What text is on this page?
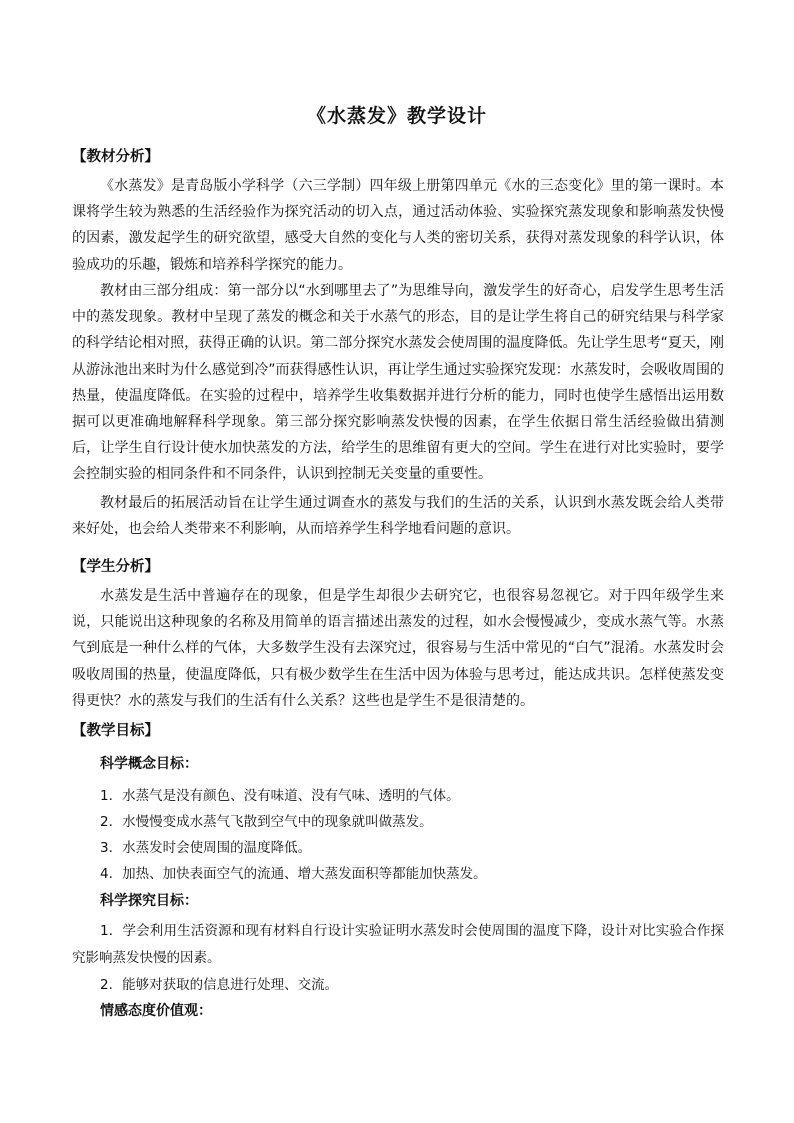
《水蒸发》教学设计
【教材分析】

《水蒸发》是青岛版小学科学（六三学制）四年级上册第四单元《水的三态变化》里的第一课时。本课将学生较为熟悉的生活经验作为探究活动的切入点，通过活动体验、实验探究蒸发现象和影响蒸发快慢的因素，激发起学生的研究欲望，感受大自然的变化与人类的密切关系，获得对蒸发现象的科学认识，体验成功的乐趣，锻炼和培养科学探究的能力。

教材由三部分组成：第一部分以“水到哪里去了”为思维导向，激发学生的好奇心，启发学生思考生活中的蒸发现象。教材中呈现了蒸发的概念和关于水蒸气的形态，目的是让学生将自己的研究结果与科学家的科学结论相对照，获得正确的认识。第二部分探究水蒸发会使周围的温度降低。先让学生思考“夏天，刚从游泳池出来时为什么感觉到冷”而获得感性认识，再让学生通过实验探究发现：水蒸发时，会吸收周围的热量，使温度降低。在实验的过程中，培养学生收集数据并进行分析的能力，同时也使学生感悟出运用数据可以更准确地解释科学现象。第三部分探究影响蒸发快慢的因素，在学生依据日常生活经验做出猜测后，让学生自行设计使水加快蒸发的方法，给学生的思维留有更大的空间。学生在进行对比实验时，要学会控制实验的相同条件和不同条件，认识到控制无关变量的重要性。

教材最后的拓展活动旨在让学生通过调查水的蒸发与我们的生活的关系，认识到水蒸发既会给人类带来好处，也会给人类带来不利影响，从而培养学生科学地看问题的意识。

【学生分析】

水蒸发是生活中普遍存在的现象，但是学生却很少去研究它，也很容易忽视它。对于四年级学生来说，只能说出这种现象的名称及用简单的语言描述出蒸发的过程，如水会慢慢减少，变成水蒸气等。水蒸气到底是一种什么样的气体，大多数学生没有去深究过，很容易与生活中常见的“白气”混淆。水蒸发时会吸收周围的热量，使温度降低，只有极少数学生在生活中因为体验与思考过，能达成共识。怎样使蒸发变得更快？水的蒸发与我们的生活有什么关系？这些也是学生不是很清楚的。

【教学目标】
科学概念目标：
1．水蒸气是没有颜色、没有味道、没有气味、透明的气体。
2．水慢慢变成水蒸气飞散到空气中的现象就叫做蒸发。
3．水蒸发时会使周围的温度降低。
4．加热、加快表面空气的流通、增大蒸发面积等都能加快蒸发。
科学探究目标：

1．学会利用生活资源和现有材料自行设计实验证明水蒸发时会使周围的温度下降，设计对比实验合作探究影响蒸发快慢的因素。

2．能够对获取的信息进行处理、交流。
情感态度价值观：
